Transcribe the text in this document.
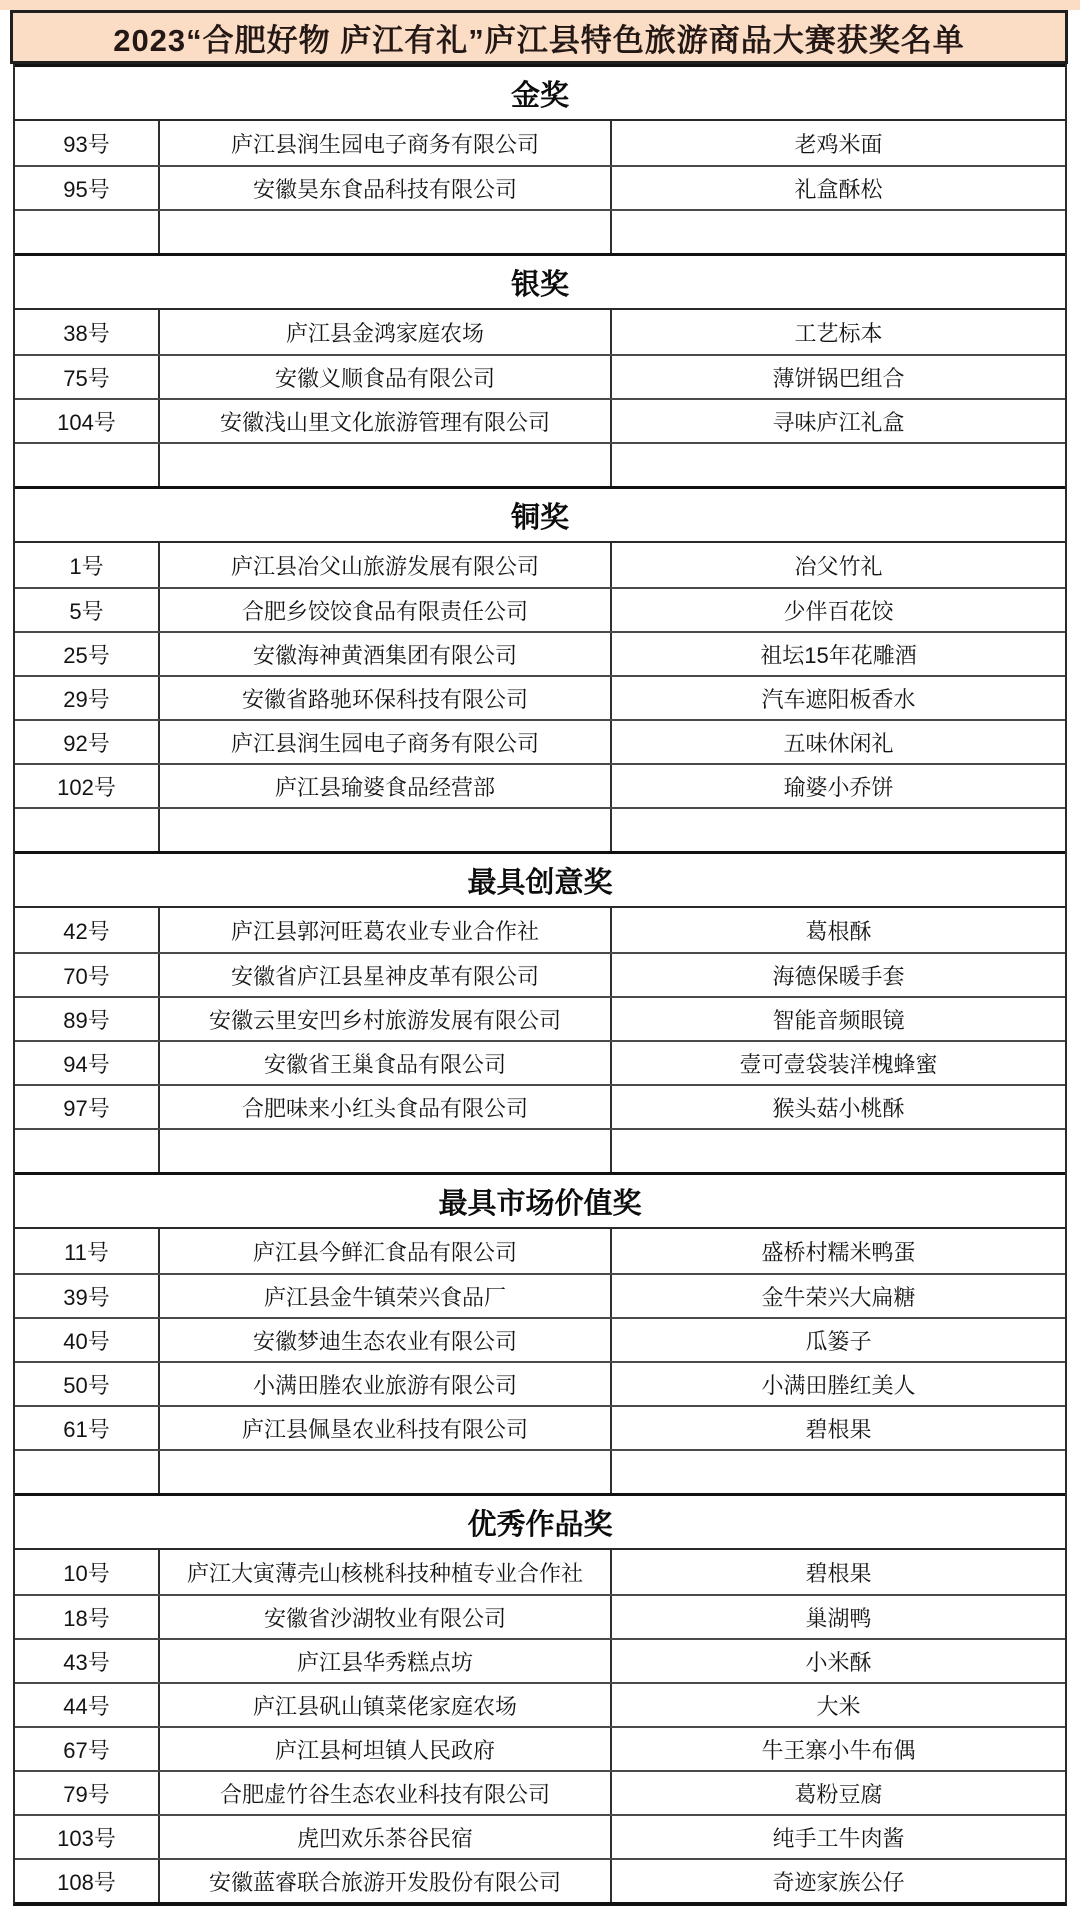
2023“合肥好物 庐江有礼”庐江县特色旅游商品大赛获奖名单
金奖
93号	庐江县润生园电子商务有限公司	老鸡米面
95号	安徽昊东食品科技有限公司	礼盒酥松
银奖
38号	庐江县金鸿家庭农场	工艺标本
75号	安徽义顺食品有限公司	薄饼锅巴组合
104号	安徽浅山里文化旅游管理有限公司	寻味庐江礼盒
铜奖
1号	庐江县冶父山旅游发展有限公司	冶父竹礼
5号	合肥乡饺饺食品有限责任公司	少伴百花饺
25号	安徽海神黄酒集团有限公司	祖坛15年花雕酒
29号	安徽省路驰环保科技有限公司	汽车遮阳板香水
92号	庐江县润生园电子商务有限公司	五味休闲礼
102号	庐江县瑜婆食品经营部	瑜婆小乔饼
最具创意奖
42号	庐江县郭河旺葛农业专业合作社	葛根酥
70号	安徽省庐江县星神皮革有限公司	海德保暖手套
89号	安徽云里安凹乡村旅游发展有限公司	智能音频眼镜
94号	安徽省王巢食品有限公司	壹可壹袋装洋槐蜂蜜
97号	合肥味来小红头食品有限公司	猴头菇小桃酥
最具市场价值奖
11号	庐江县今鲜汇食品有限公司	盛桥村糯米鸭蛋
39号	庐江县金牛镇荣兴食品厂	金牛荣兴大扁糖
40号	安徽梦迪生态农业有限公司	瓜篓子
50号	小满田塍农业旅游有限公司	小满田塍红美人
61号	庐江县佩垦农业科技有限公司	碧根果
优秀作品奖
10号	庐江大寅薄壳山核桃科技种植专业合作社	碧根果
18号	安徽省沙湖牧业有限公司	巢湖鸭
43号	庐江县华秀糕点坊	小米酥
44号	庐江县矾山镇菜佬家庭农场	大米
67号	庐江县柯坦镇人民政府	牛王寨小牛布偶
79号	合肥虚竹谷生态农业科技有限公司	葛粉豆腐
103号	虎凹欢乐茶谷民宿	纯手工牛肉酱
108号	安徽蓝睿联合旅游开发股份有限公司	奇迹家族公仔
